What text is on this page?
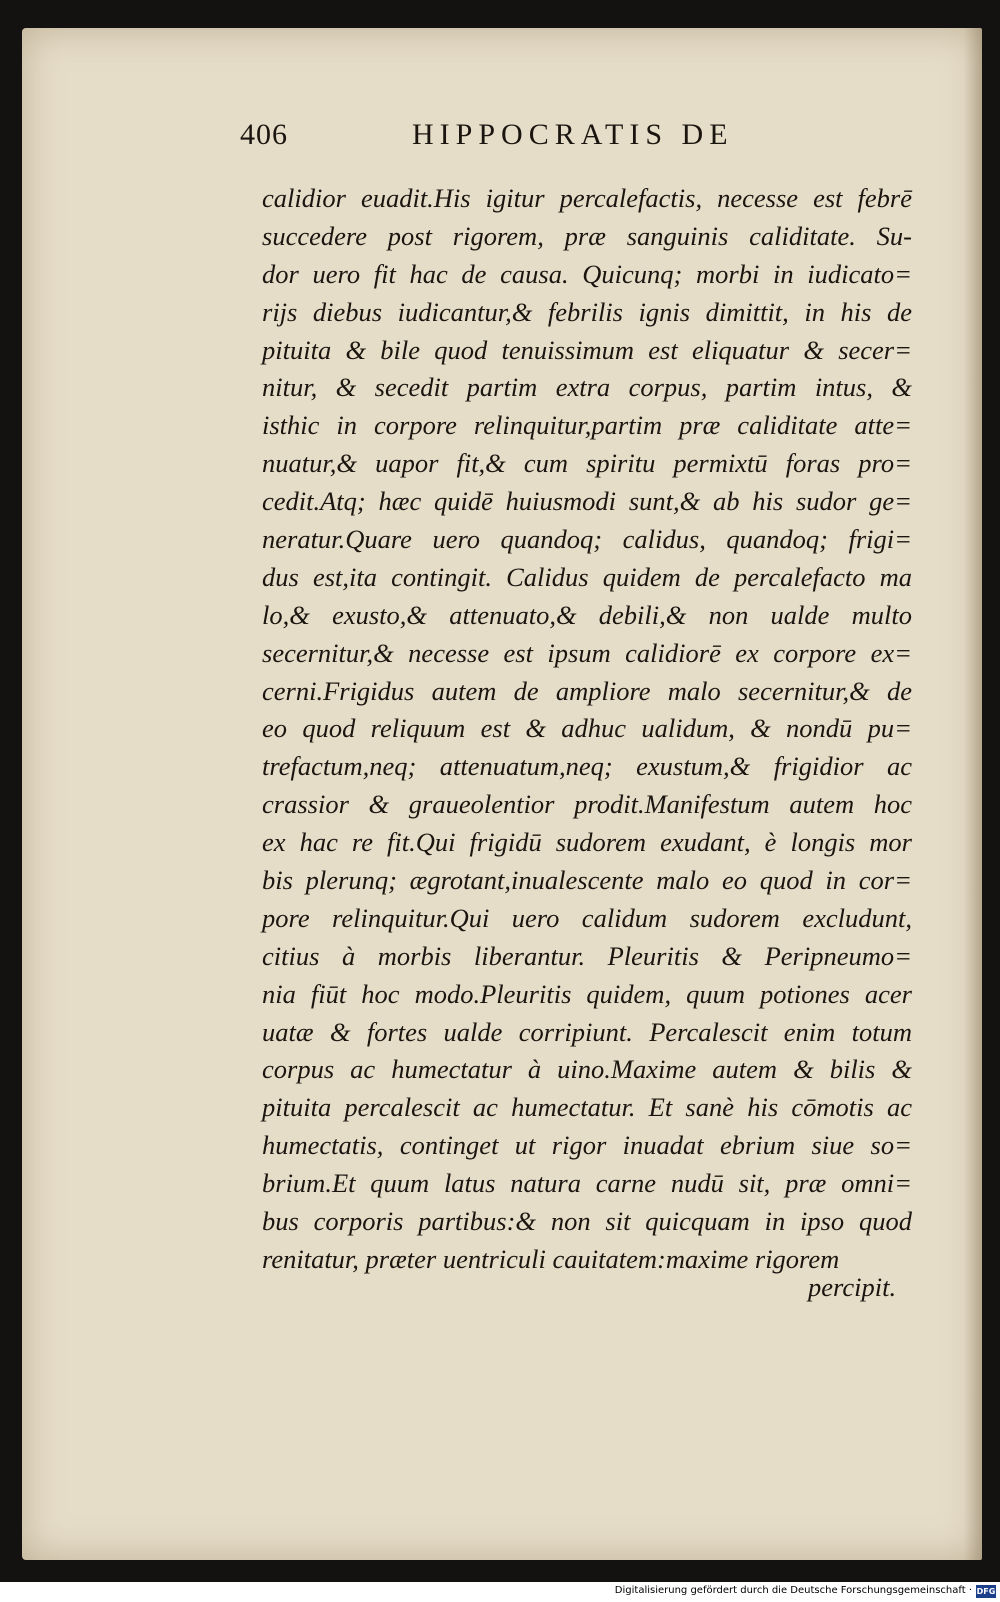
406	HIPPOCRATIS DE
calidior euadit.His igitur percalefactis, necesse est febrē
succedere post rigorem, præ sanguinis caliditate. Su-
dor uero fit hac de causa. Quicunq; morbi in iudicato=
rijs diebus iudicantur,& febrilis ignis dimittit, in his de
pituita & bile quod tenuissimum est eliquatur & secer=
nitur, & secedit partim extra corpus, partim intus, &
isthic in corpore relinquitur,partim præ caliditate atte=
nuatur,& uapor fit,& cum spiritu permixtū foras pro=
cedit.Atq; hæc quidē huiusmodi sunt,& ab his sudor ge=
neratur.Quare uero quandoq; calidus, quandoq; frigi=
dus est,ita contingit. Calidus quidem de percalefacto ma
lo,& exusto,& attenuato,& debili,& non ualde multo
secernitur,& necesse est ipsum calidiorē ex corpore ex=
cerni.Frigidus autem de ampliore malo secernitur,& de
eo quod reliquum est & adhuc ualidum, & nondū pu=
trefactum,neq; attenuatum,neq; exustum,& frigidior ac
crassior & graueolentior prodit.Manifestum autem hoc
ex hac re fit.Qui frigidū sudorem exudant, è longis mor
bis plerunq; ægrotant,inualescente malo eo quod in cor=
pore relinquitur.Qui uero calidum sudorem excludunt,
citius à morbis liberantur. Pleuritis & Peripneumo=
nia fiūt hoc modo.Pleuritis quidem, quum potiones acer
uatæ & fortes ualde corripiunt. Percalescit enim totum
corpus ac humectatur à uino.Maxime autem & bilis &
pituita percalescit ac humectatur. Et sanè his cōmotis ac
humectatis, continget ut rigor inuadat ebrium siue so=
brium.Et quum latus natura carne nudū sit, præ omni=
bus corporis partibus:& non sit quicquam in ipso quod
renitatur, præter uentriculi cauitatem:maxime rigorem
percipit.
Digitalisierung gefördert durch die Deutsche Forschungsgemeinschaft · DFG
